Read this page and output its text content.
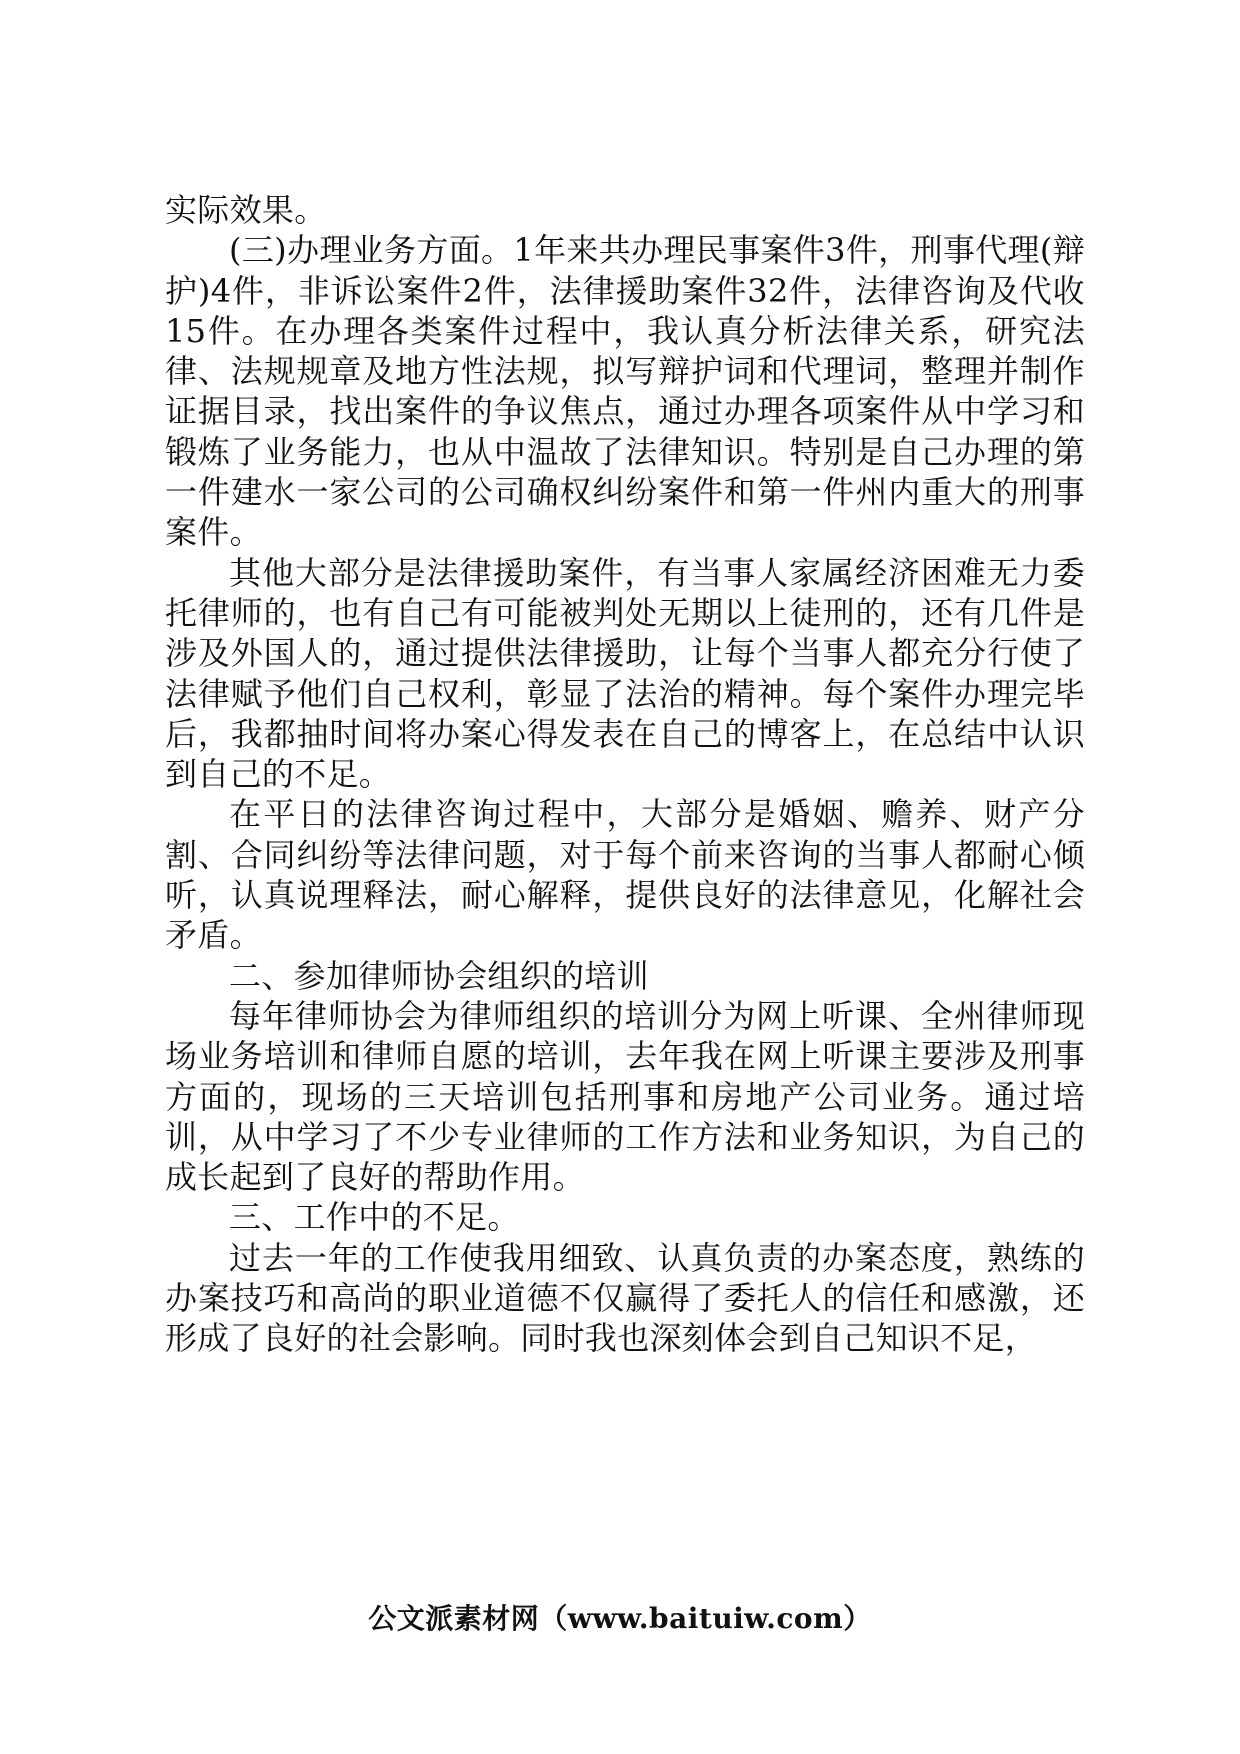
实际效果。

(三)办理业务方面。1年来共办理民事案件3件，刑事代理(辩护)4件，非诉讼案件2件，法律援助案件32件，法律咨询及代收15件。在办理各类案件过程中，我认真分析法律关系，研究法律、法规规章及地方性法规，拟写辩护词和代理词，整理并制作证据目录，找出案件的争议焦点，通过办理各项案件从中学习和锻炼了业务能力，也从中温故了法律知识。特别是自己办理的第一件建水一家公司的公司确权纠纷案件和第一件州内重大的刑事案件。

其他大部分是法律援助案件，有当事人家属经济困难无力委托律师的，也有自己有可能被判处无期以上徒刑的，还有几件是涉及外国人的，通过提供法律援助，让每个当事人都充分行使了法律赋予他们自己权利，彰显了法治的精神。每个案件办理完毕后，我都抽时间将办案心得发表在自己的博客上，在总结中认识到自己的不足。

在平日的法律咨询过程中，大部分是婚姻、赡养、财产分割、合同纠纷等法律问题，对于每个前来咨询的当事人都耐心倾听，认真说理释法，耐心解释，提供良好的法律意见，化解社会矛盾。

二、参加律师协会组织的培训

每年律师协会为律师组织的培训分为网上听课、全州律师现场业务培训和律师自愿的培训，去年我在网上听课主要涉及刑事方面的，现场的三天培训包括刑事和房地产公司业务。通过培训，从中学习了不少专业律师的工作方法和业务知识，为自己的成长起到了良好的帮助作用。

三、工作中的不足。

过去一年的工作使我用细致、认真负责的办案态度，熟练的办案技巧和高尚的职业道德不仅赢得了委托人的信任和感激，还形成了良好的社会影响。同时我也深刻体会到自己知识不足，

公文派素材网（www.baituiw.com）
